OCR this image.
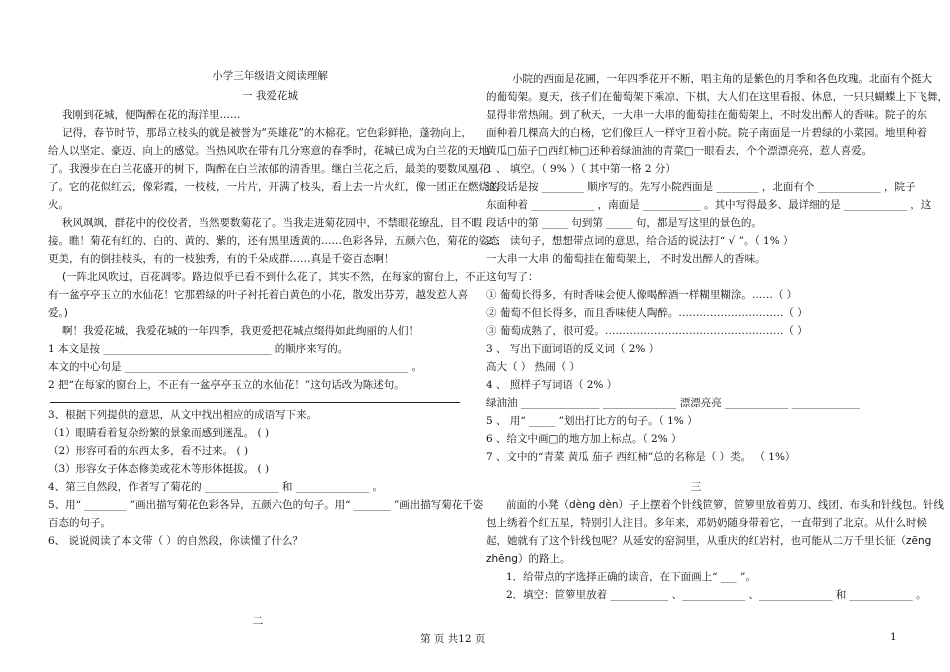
小学三年级语文阅读理解
一 我爱花城
我刚到花城，便陶醉在花的海洋里……
记得，春节时节，那昂立枝头的就是被誉为“英雄花”的木棉花。它色彩鲜艳，蓬勃向上，
给人以坚定、豪迈、向上的感觉。当热风吹在带有几分寒意的春季时，花城已成为白兰花的天地
了。我漫步在白兰花盛开的树下，陶醉在白兰浓郁的清香里。继白兰花之后，最美的要数凤凰花
了。它的花似红云，像彩霞，一枝枝，一片片，开满了枝头，看上去一片火红，像一团正在燃烧的
火。
秋风飒飒，群花中的佼佼者，当然要数菊花了。当我走进菊花园中，不禁眼花缭乱，目不暇
接。瞧！菊花有红的、白的、黄的、紫的，还有黑里透黄的……色彩各异，五颜六色，菊花的姿态
更美，有的倒挂枝头，有的一枝独秀，有的千朵成群……真是千姿百态啊！
(一阵北风吹过，百花凋零。路边似乎已看不到什么花了，其实不然，在每家的窗台上，不正
有一盆亭亭玉立的水仙花！它那碧绿的叶子衬托着白黄色的小花，散发出芬芳，越发惹人喜
爱。)
啊！我爱花城，我爱花城的一年四季，我更爱把花城点缀得如此绚丽的人们！
1 本文是按 ________________________________ 的顺序来写的。
本文的中心句是 ______________________________________________________ 。
2 把“在每家的窗台上，不正有一盆亭亭玉立的水仙花！”这句话改为陈述句。
3、根据下列提供的意思，从文中找出相应的成语写下来。
（1）眼睛看着复杂纷繁的景象而感到迷乱。 ( )
（2）形容可看的东西太多，看不过来。 ( )
（3）形容女子体态修美或花木等形体挺拔。 ( )
4、第三自然段，作者写了菊花的 ______________ 和 ______________ 。
5、用“ ________ ”画出描写菊花色彩各异，五颜六色的句子。用“ _______ ”画出描写菊花千姿
百态的句子。
6、 说说阅读了本文带（ ）的自然段，你读懂了什么？
二
小院的西面是花圃，一年四季花开不断，唱主角的是紫色的月季和各色玫瑰。北面有个挺大
的葡萄架。夏天，孩子们在葡萄架下乘凉、下棋，大人们在这里看报、休息，一只只蝴蝶上下飞舞，
显得非常热闹。到了秋天，一大串一大串的葡萄挂在葡萄架上，不时发出醉人的香味。院子的东
面种着几棵高大的白杨，它们像巨人一样守卫着小院。院子南面是一片碧绿的小菜园。地里种着
黄瓜□茄子□西红柿□还种着绿油油的青菜□一眼看去，个个漂漂亮亮，惹人喜爱。
1 、 填空。（ 9% ）（ 其中第一格 2 分）
这段话是按 ________ 顺序写的。先写小院西面是 ________ ，北面有个 ____________ ，院子
东面种着 ____________ ，南面是 ___________ 。其中写得最多、最详细的是 ____________ ，这
段话中的第 _____ 句到第 _____ 句，都是写这里的景色的。
2 、 读句子，想想带点词的意思，给合适的说法打“ √ ”。（ 1% ）
一大串一大串 的葡萄挂在葡萄架上， 不时发出醉人的香味。
这句写了：
① 葡萄长得多，有时香味会使人像喝醉酒一样糊里糊涂。……（ ）
② 葡萄不但长得多，而且香味使人陶醉。…………………………（ ）
③ 葡萄成熟了，很可爱。……………………………………………（ ）
3 、 写出下面词语的反义词（ 2% ）
高大（ ） 热闹（ ）
4 、 照样子写词语（ 2% ）
绿油油 _______________ ______________ 漂漂亮亮 ____________ _____________
5 、 用“ _____ ”划出打比方的句子。（ 1% ）
6 、给文中画□的地方加上标点。（ 2% ）
7 、文中的“青菜 黄瓜 茄子 西红柿”总的名称是（ ）类。 （ 1%）
三
前面的小凳（dèng dèn）子上摆着个针线笸箩，笸箩里放着剪刀、线团、布头和针线包。针线
包上绣着个红五星，特别引人注目。多年来，邓奶奶随身带着它，一直带到了北京。从什么时候
起，她就有了这个针线包呢？从延安的窑洞里，从重庆的红岩村，也可能从二万千里长征（zēng
zhēng）的路上。
1．给带点的字选择正确的读音，在下面画上“ ___ ”。
2．填空：笸箩里放着 ___________ 、____________ 、______________ 和 ____________ 。
第 页 共12 页	1
